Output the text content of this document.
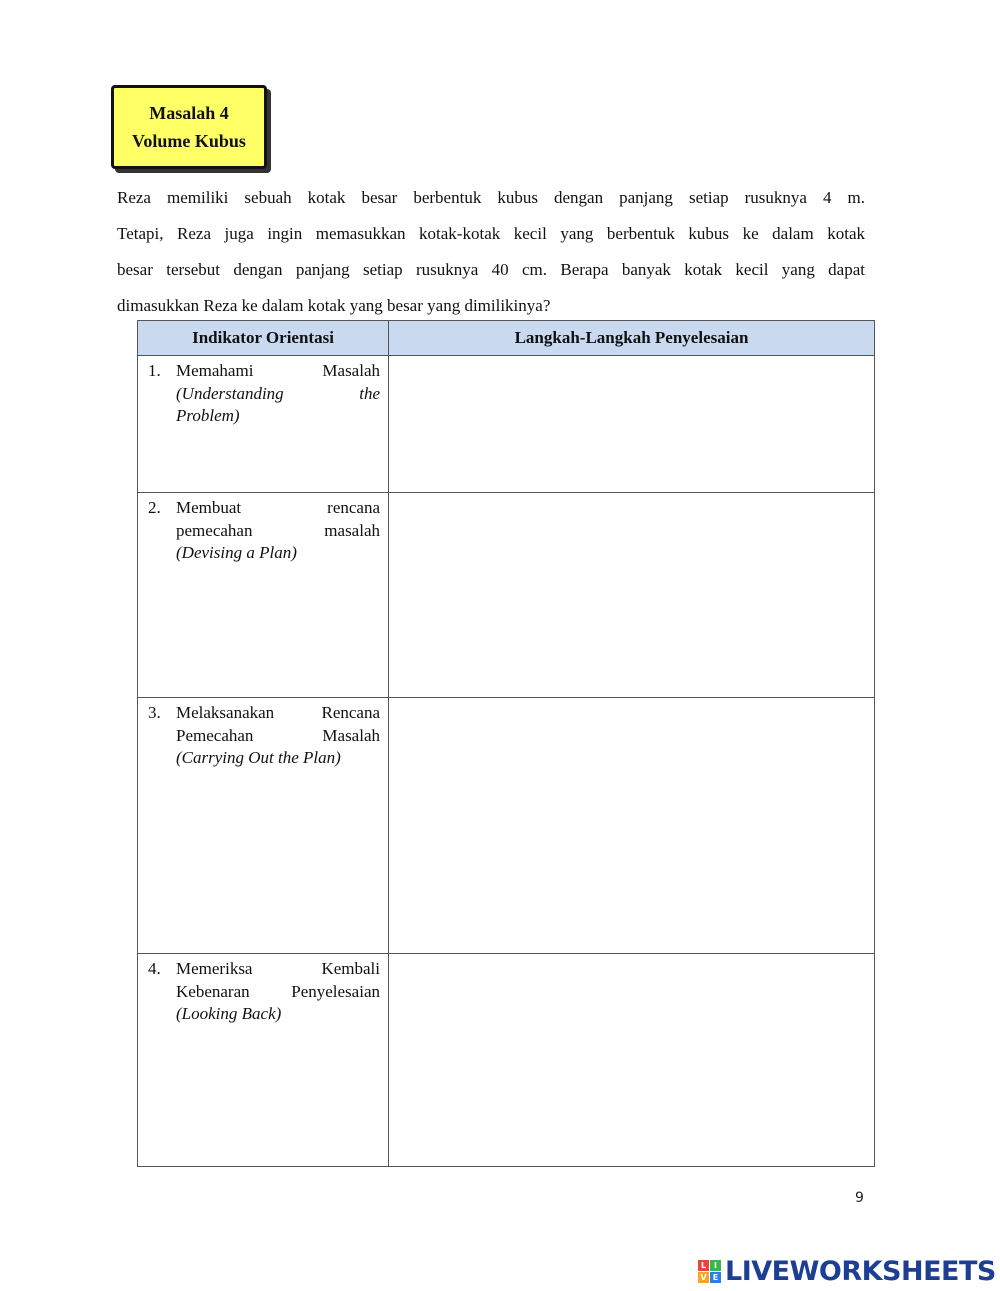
Masalah 4
Volume Kubus
Reza memiliki sebuah kotak besar berbentuk kubus dengan panjang setiap rusuknya 4 m.
Tetapi, Reza juga ingin memasukkan kotak-kotak kecil yang berbentuk kubus ke dalam kotak
besar tersebut dengan panjang setiap rusuknya 40 cm. Berapa banyak kotak kecil yang dapat
dimasukkan Reza ke dalam kotak yang besar yang dimilikinya?
Indikator Orientasi	Langkah-Langkah Penyelesaian

1. Memahami Masalah
(Understanding the
Problem)	

2. Membuat rencana
pemecahan masalah
(Devising a Plan)	

3. Melaksanakan Rencana
Pemecahan Masalah
(Carrying Out the Plan)	

4. Memeriksa Kembali
Kebenaran Penyelesaian
(Looking Back)	

9
L I
V E LIVEWORKSHEETS
